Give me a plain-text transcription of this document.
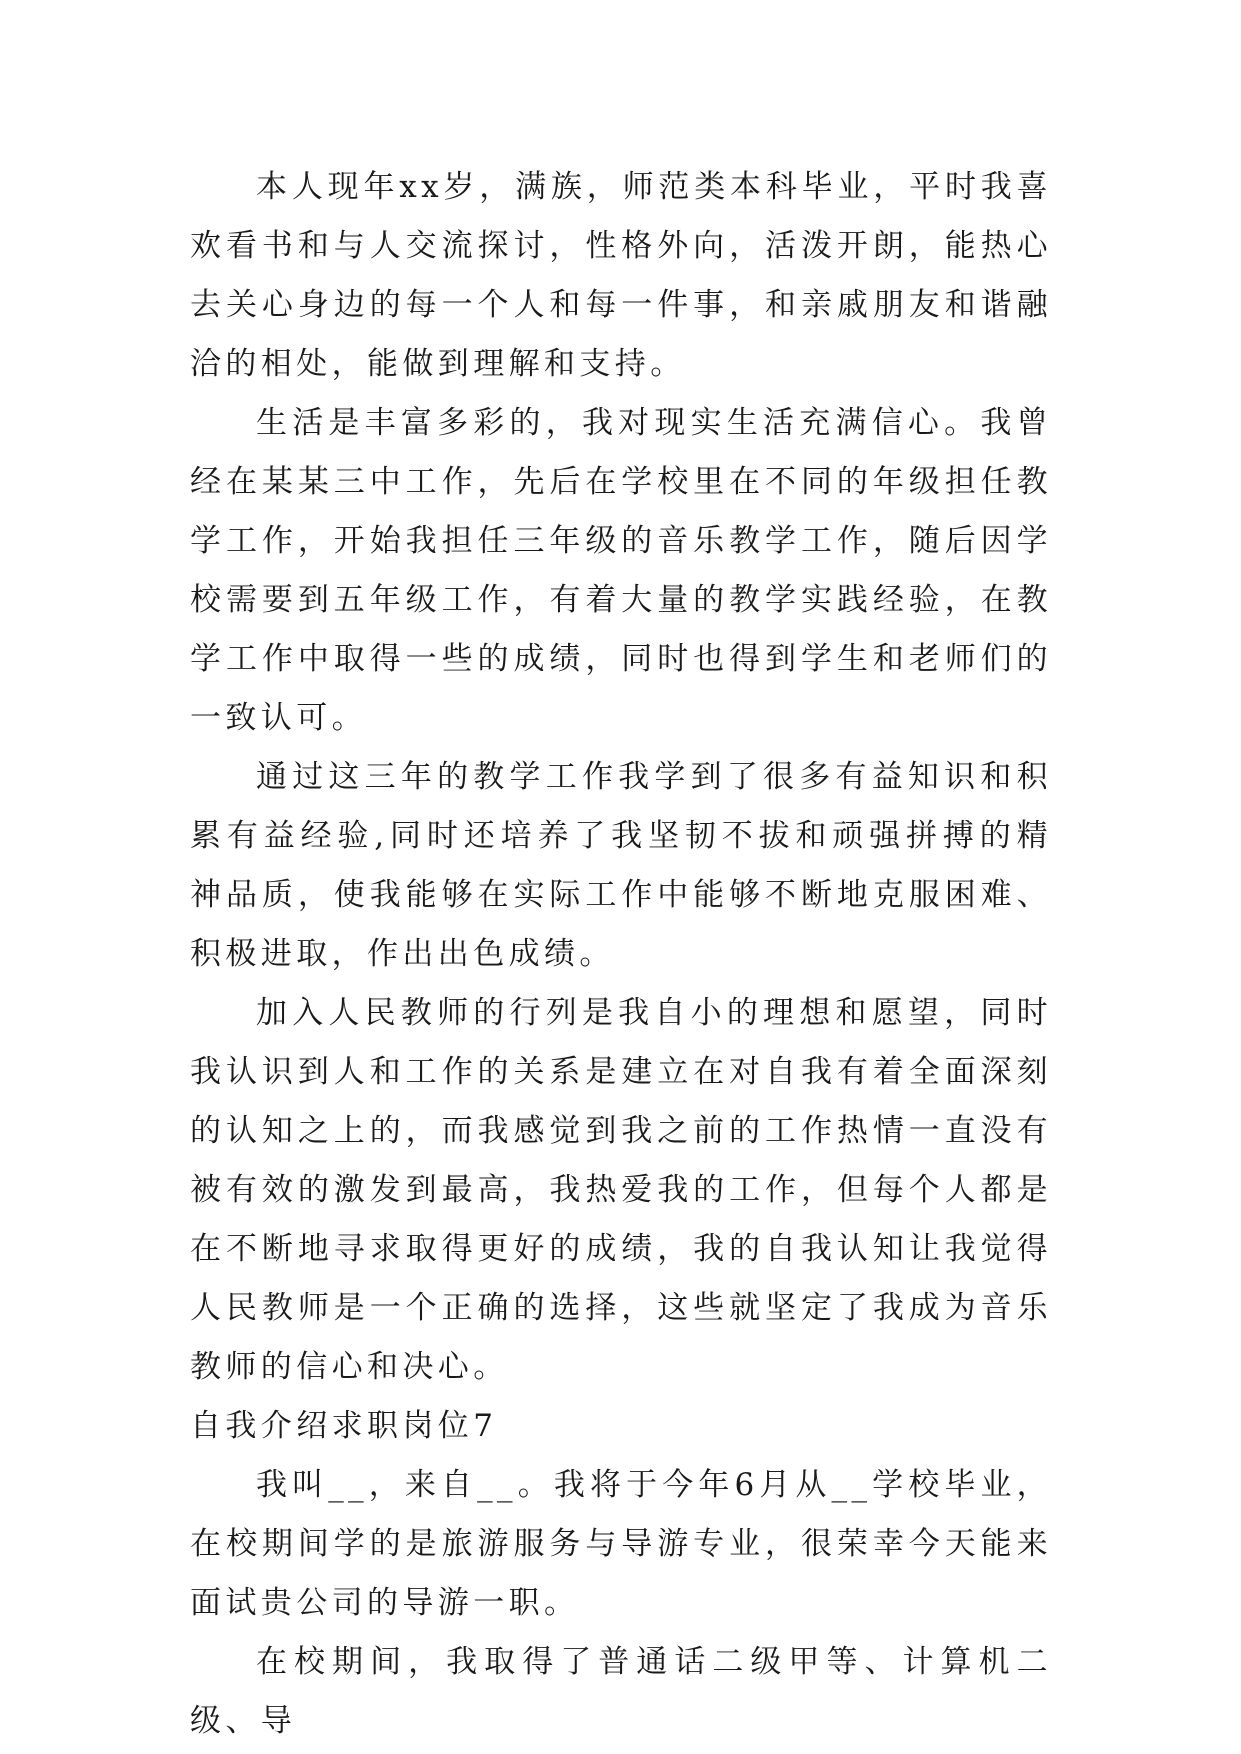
本人现年xx岁，满族，师范类本科毕业，平时我喜欢看书和与人交流探讨，性格外向，活泼开朗，能热心去关心身边的每一个人和每一件事，和亲戚朋友和谐融洽的相处，能做到理解和支持。

生活是丰富多彩的，我对现实生活充满信心。我曾经在某某三中工作，先后在学校里在不同的年级担任教学工作，开始我担任三年级的音乐教学工作，随后因学校需要到五年级工作，有着大量的教学实践经验，在教学工作中取得一些的成绩，同时也得到学生和老师们的一致认可。

通过这三年的教学工作我学到了很多有益知识和积累有益经验,同时还培养了我坚韧不拔和顽强拼搏的精神品质，使我能够在实际工作中能够不断地克服困难、积极进取，作出出色成绩。

加入人民教师的行列是我自小的理想和愿望，同时我认识到人和工作的关系是建立在对自我有着全面深刻的认知之上的，而我感觉到我之前的工作热情一直没有被有效的激发到最高，我热爱我的工作，但每个人都是在不断地寻求取得更好的成绩，我的自我认知让我觉得人民教师是一个正确的选择，这些就坚定了我成为音乐教师的信心和决心。

自我介绍求职岗位7

我叫__，来自__。我将于今年6月从__学校毕业，在校期间学的是旅游服务与导游专业，很荣幸今天能来面试贵公司的导游一职。

在校期间，我取得了普通话二级甲等、计算机二级、导
